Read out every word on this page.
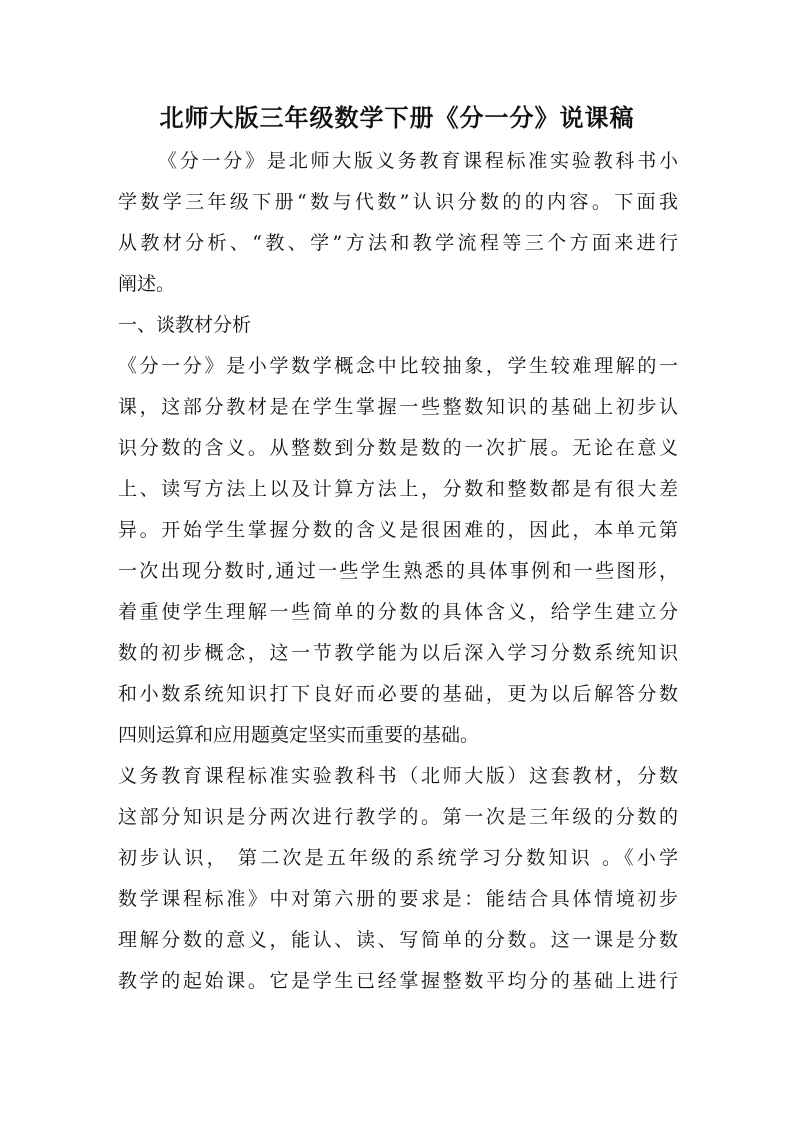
北师大版三年级数学下册《分一分》说课稿

《分一分》是北师大版义务教育课程标准实验教科书小

学数学三年级下册“数与代数”认识分数的的内容。下面我

从教材分析、“教、学”方法和教学流程等三个方面来进行

阐述。

一、谈教材分析

《分一分》是小学数学概念中比较抽象，学生较难理解的一

课，这部分教材是在学生掌握一些整数知识的基础上初步认

识分数的含义。从整数到分数是数的一次扩展。无论在意义

上、读写方法上以及计算方法上，分数和整数都是有很大差

异。开始学生掌握分数的含义是很困难的，因此，本单元第

一次出现分数时,通过一些学生熟悉的具体事例和一些图形，

着重使学生理解一些简单的分数的具体含义，给学生建立分

数的初步概念，这一节教学能为以后深入学习分数系统知识

和小数系统知识打下良好而必要的基础，更为以后解答分数

四则运算和应用题奠定坚实而重要的基础。

义务教育课程标准实验教科书（北师大版）这套教材，分数

这部分知识是分两次进行教学的。第一次是三年级的分数的

初步认识， 第二次是五年级的系统学习分数知识 。《小学

数学课程标准》中对第六册的要求是：能结合具体情境初步

理解分数的意义，能认、读、写简单的分数。这一课是分数

教学的起始课。它是学生已经掌握整数平均分的基础上进行
